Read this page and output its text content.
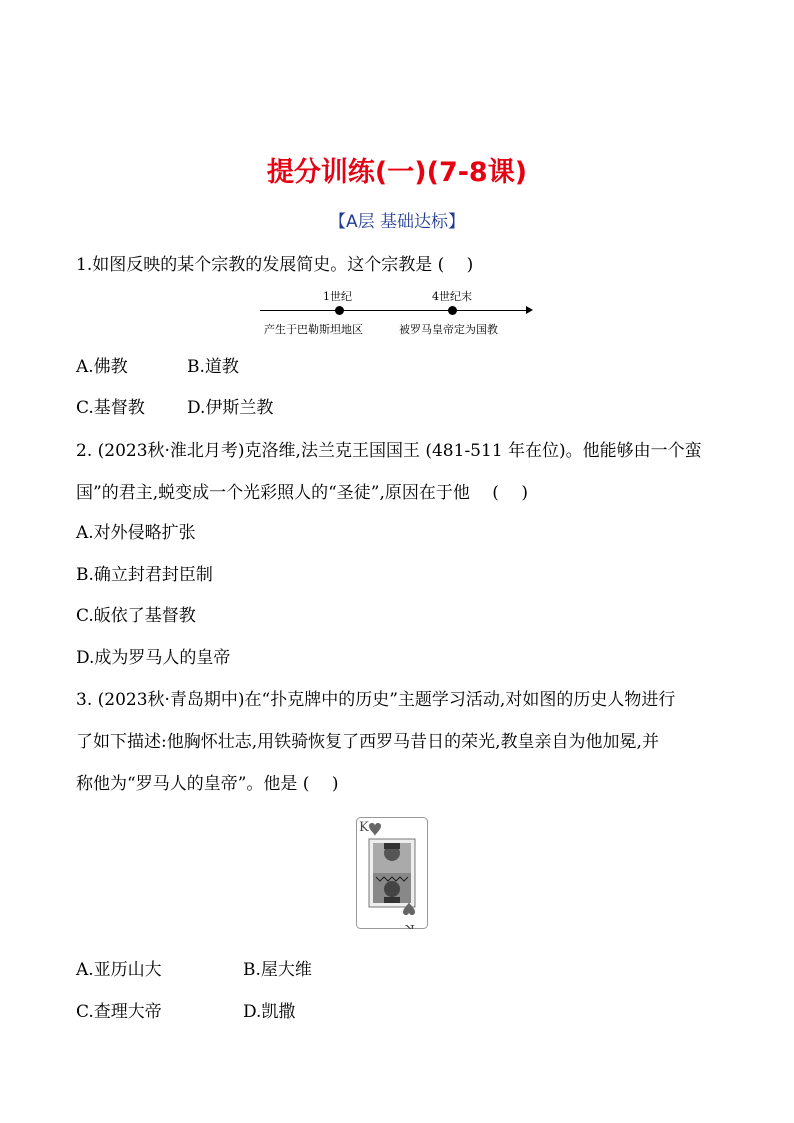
提分训练(一)(7-8课)
【A层 基础达标】
1.如图反映的某个宗教的发展简史。这个宗教是 (　 )
1世纪
产生于巴勒斯坦地区
4世纪末
被罗马皇帝定为国教
A.佛教	B.道教
C.基督教 D.伊斯兰教
2. (2023秋·淮北月考)克洛维,法兰克王国国王 (481-511 年在位)。他能够由一个蛮
国”的君主,蜕变成一个光彩照人的“圣徒”,原因在于他　 (　 )
A.对外侵略扩张
B.确立封君封臣制
C.皈依了基督教
D.成为罗马人的皇帝
3. (2023秋·青岛期中)在“扑克牌中的历史”主题学习活动,对如图的历史人物进行
了如下描述:他胸怀壮志,用铁骑恢复了西罗马昔日的荣光,教皇亲自为他加冕,并
称他为“罗马人的皇帝”。他是 (　 )
K
K
A.亚历山大	B.屋大维
C.查理大帝	D.凯撒
